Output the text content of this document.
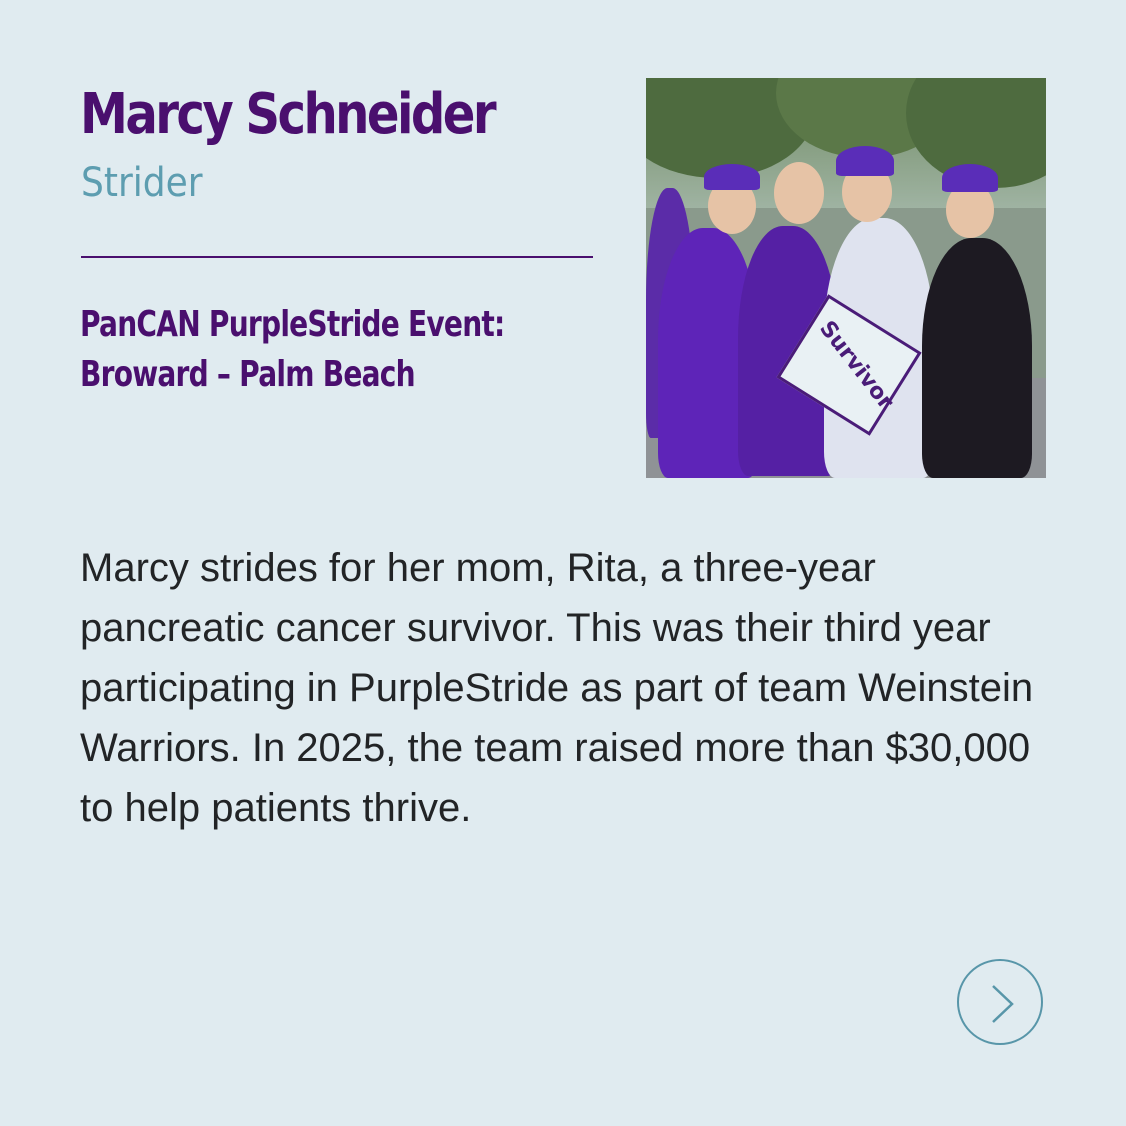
Marcy Schneider
Strider
PanCAN PurpleStride Event:
Broward – Palm Beach	Survivor

Marcy strides for her mom, Rita, a three-year pancreatic cancer survivor. This was their third year participating in PurpleStride as part of team Weinstein Warriors. In 2025, the team raised more than $30,000 to help patients thrive.
